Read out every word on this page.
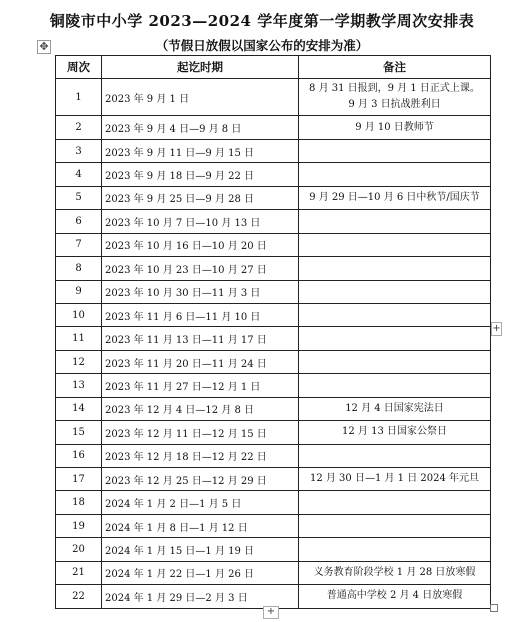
铜陵市中小学 2023—2024 学年度第一学期教学周次安排表
✥	（节假日放假以国家公布的安排为准）
周次	起讫时期	备注
1	2023 年 9 月 1 日	8 月 31 日报到，9 月 1 日正式上课。
9 月 3 日抗战胜利日

2	2023 年 9 月 4 日—9 月 8 日	9 月 10 日教师节

3	2023 年 9 月 11 日—9 月 15 日	
4	2023 年 9 月 18 日—9 月 22 日	
5	2023 年 9 月 25 日—9 月 28 日	9 月 29 日—10 月 6 日中秋节/国庆节

6	2023 年 10 月 7 日—10 月 13 日	
7	2023 年 10 月 16 日—10 月 20 日	
8	2023 年 10 月 23 日—10 月 27 日	
9	2023 年 10 月 30 日—11 月 3 日	
10	2023 年 11 月 6 日—11 月 10 日	
11	2023 年 11 月 13 日—11 月 17 日	
12	2023 年 11 月 20 日—11 月 24 日	
13	2023 年 11 月 27 日—12 月 1 日	
14	2023 年 12 月 4 日—12 月 8 日	12 月 4 日国家宪法日

15	2023 年 12 月 11 日—12 月 15 日	12 月 13 日国家公祭日

16	2023 年 12 月 18 日—12 月 22 日	
17	2023 年 12 月 25 日—12 月 29 日	12 月 30 日—1 月 1 日 2024 年元旦

18	2024 年 1 月 2 日—1 月 5 日	
19	2024 年 1 月 8 日—1 月 12 日	
20	2024 年 1 月 15 日—1 月 19 日	
21	2024 年 1 月 22 日—1 月 26 日	义务教育阶段学校 1 月 28 日放寒假

22	2024 年 1 月 29 日—2 月 3 日	普通高中学校 2 月 4 日放寒假
+
+
